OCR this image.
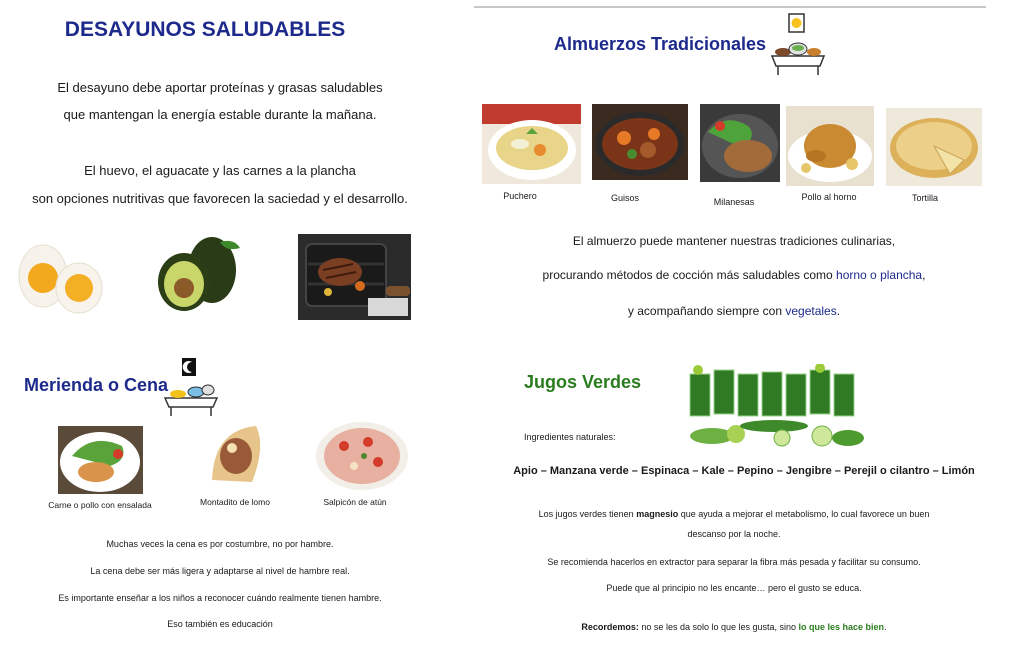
DESAYUNOS SALUDABLES
El desayuno debe aportar proteínas y grasas saludables
que mantengan la energía estable durante la mañana.
El huevo, el aguacate y las carnes a la plancha
son opciones nutritivas que favorecen la saciedad y el desarrollo.
Almuerzos Tradicionales
Puchero	Guisos	Milanesas	Pollo al horno	Tortilla
El almuerzo puede mantener nuestras tradiciones culinarias,
procurando métodos de cocción más saludables como horno o plancha,
y acompañando siempre con vegetales.
Merienda o Cena
Carne o pollo con ensalada	Montadito de lomo	Salpicón de atún
Muchas veces la cena es por costumbre, no por hambre.
La cena debe ser más ligera y adaptarse al nivel de hambre real.
Es importante enseñar a los niños a reconocer cuándo realmente tienen hambre.
Eso también es educación
Jugos Verdes
Ingredientes naturales:
Apio – Manzana verde – Espinaca – Kale – Pepino – Jengibre – Perejil o cilantro – Limón
Los jugos verdes tienen magnesio que ayuda a mejorar el metabolismo, lo cual favorece un buen
descanso por la noche.
Se recomienda hacerlos en extractor para separar la fibra más pesada y facilitar su consumo.
Puede que al principio no les encante… pero el gusto se educa.
Recordemos: no se les da solo lo que les gusta, sino lo que les hace bien.
